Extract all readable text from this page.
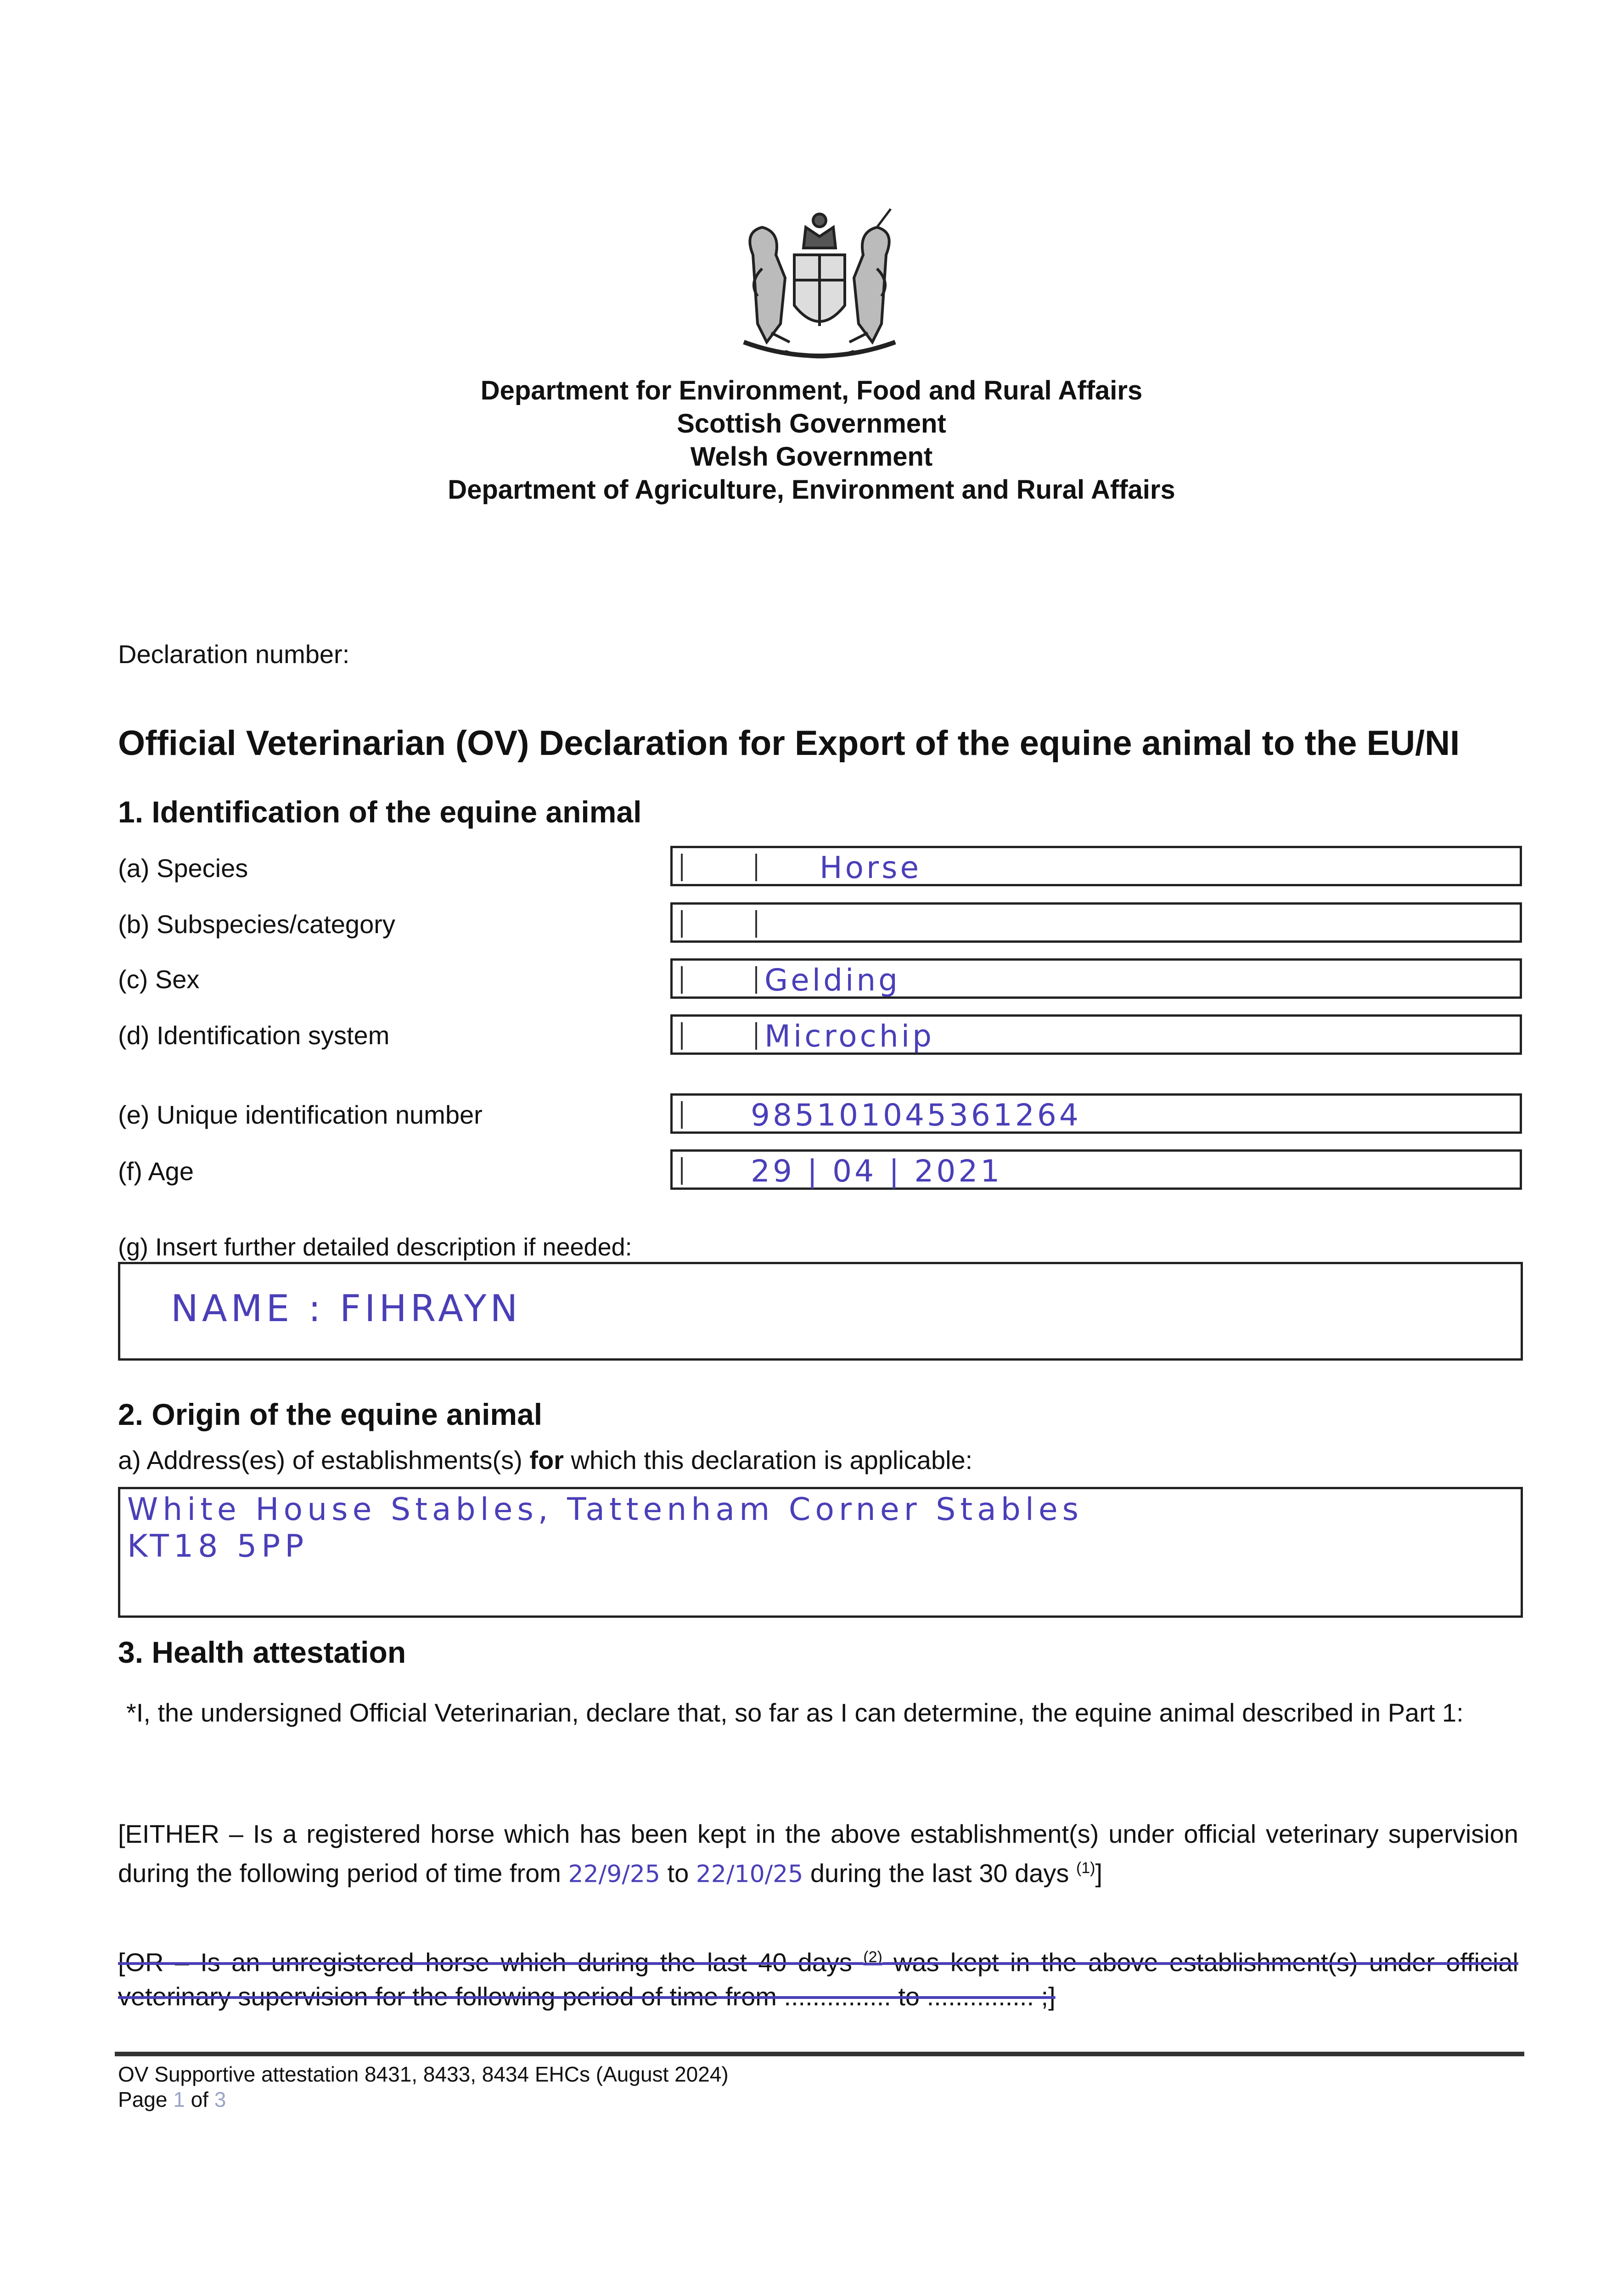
Department for Environment, Food and Rural Affairs
Scottish Government
Welsh Government
Department of Agriculture, Environment and Rural Affairs
Declaration number:
Official Veterinarian (OV) Declaration for Export of the equine animal to the EU/NI
1. Identification of the equine animal
(a) Species	Horse
(b) Subspecies/category
(c) Sex	Gelding
(d) Identification system	Microchip
(e) Unique identification number	985101045361264
(f) Age	29 | 04 | 2021
(g) Insert further detailed description if needed:
NAME : FIHRAYN
2. Origin of the equine animal
a) Address(es) of establishments(s) for which this declaration is applicable:
White House Stables, Tattenham Corner Stables
KT18 5PP
3. Health attestation
*I, the undersigned Official Veterinarian, declare that, so far as I can determine, the equine animal described in Part 1:
[EITHER – Is a registered horse which has been kept in the above establishment(s) under official veterinary supervision during the following period of time from 22/9/25 to 22/10/25 during the last 30 days $^{(1)}$]
[OR – Is an unregistered horse which during the last 40 days $^{(2)}$ was kept in the above establishment(s) under official veterinary supervision for the following period of time from ............... to ............... ;]
OV Supportive attestation 8431, 8433, 8434 EHCs (August 2024)
Page 1 of 3
